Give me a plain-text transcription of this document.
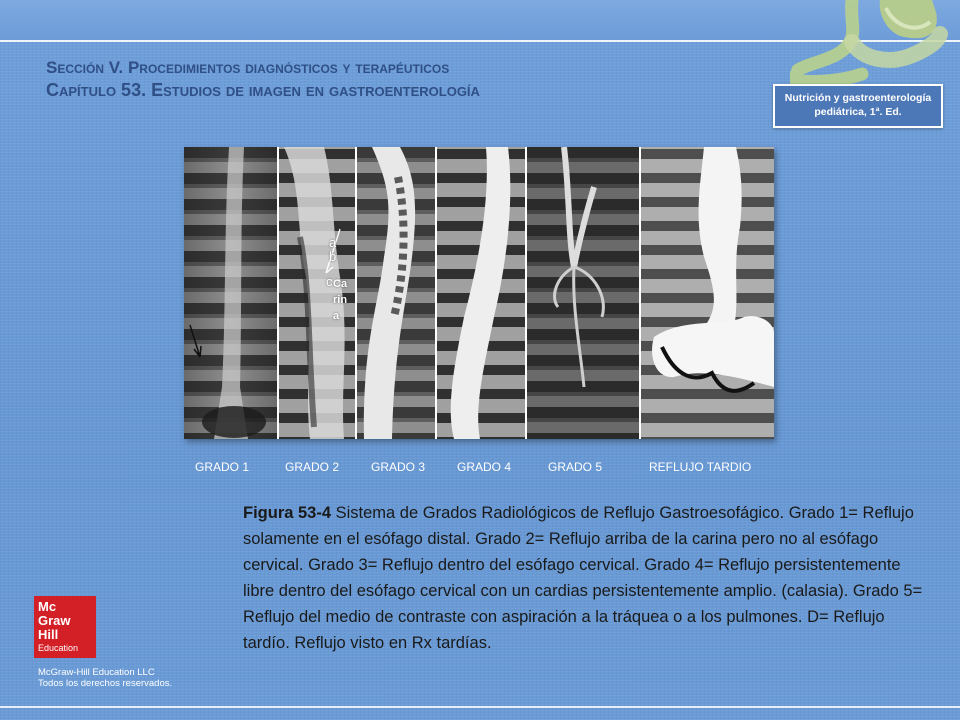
Sección V. Procedimientos diagnósticos y terapéuticos
Capítulo 53. Estudios de imagen en gastroenterología	Nutrición y gastroenterología
pediátrica, 1ª. Ed.
a
b
c Ca rin a
GRADO 1	GRADO 2	GRADO 3	GRADO 4	GRADO 5	REFLUJO TARDIO

Figura 53-4 Sistema de Grados Radiológicos de Reflujo Gastroesofágico. Grado 1= Reflujo solamente en el esófago distal. Grado 2= Reflujo arriba de la carina pero no al esófago cervical. Grado 3= Reflujo dentro del esófago cervical. Grado 4= Reflujo persistentemente libre dentro del esófago cervical con un cardias persistentemente amplio. (calasia). Grado 5= Reflujo del medio de contraste con aspiración a la tráquea o a los pulmones. D= Reflujo tardío. Reflujo visto en Rx tardías.

Mc
Graw
Hill
Education
McGraw-Hill Education LLC
Todos los derechos reservados.
